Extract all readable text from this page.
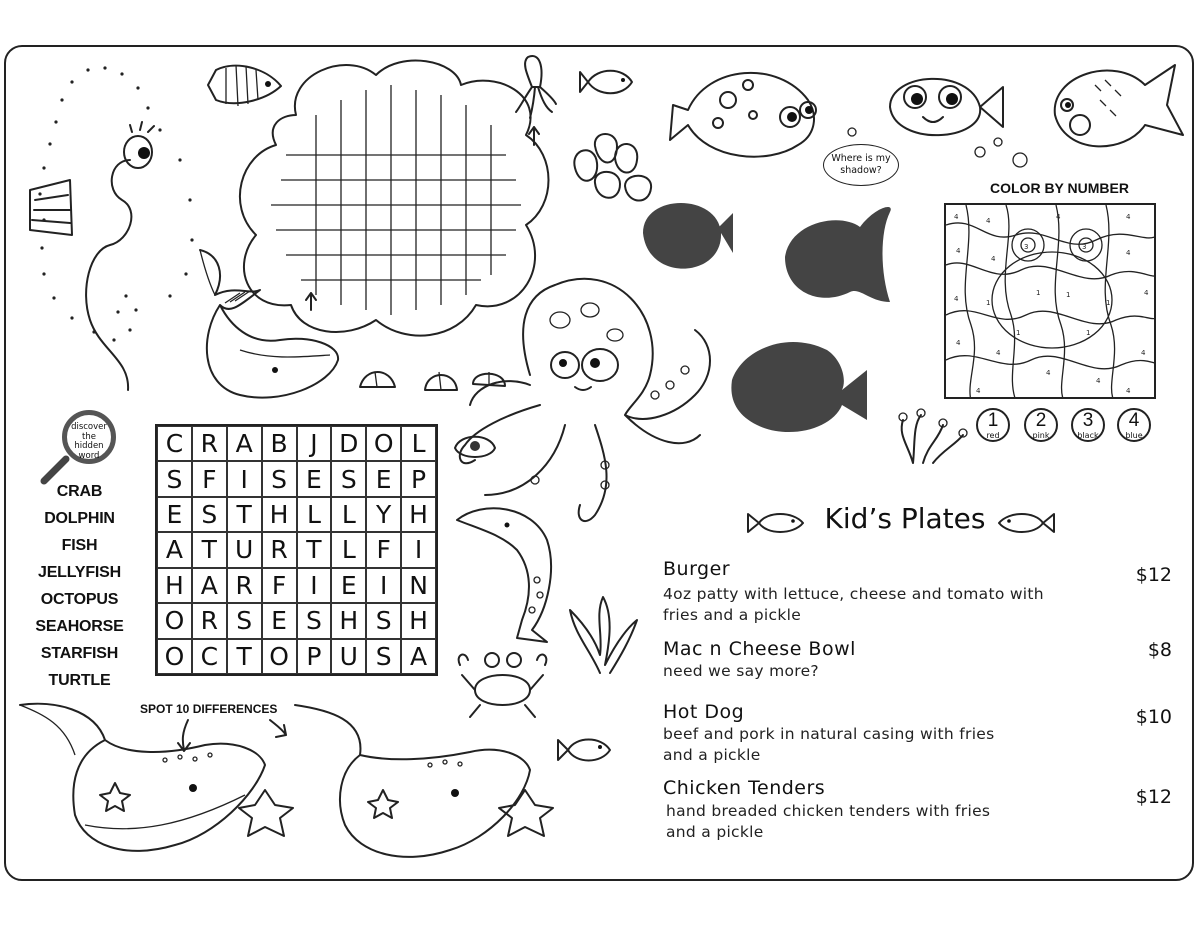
Where is my shadow?
COLOR BY NUMBER
4	4	4	4
4
4
4
4
4	1
1	1
1
3	3
1	1
4
4
4
4
4
4	4
1
red
2
pink
3
black
4
blue
discover the hidden word
CRAB
DOLPHIN
FISH
JELLYFISH
OCTOPUS
SEAHORSE
STARFISH
TURTLE
C R A B J D O L
S F I S E S E P
E S T H L L Y H
A T U R T L F I
H A R F I E I N
O R S E S H S H
O C T O P U S A
SPOT 10 DIFFERENCES
Kid’s Plates
Burger	$12
4oz patty with lettuce, cheese and tomato with
fries and a pickle
Mac n Cheese Bowl	$8
need we say more?
Hot Dog	$10
beef and pork in natural casing with fries
and a pickle
Chicken Tenders	$12
hand breaded chicken tenders with fries
and a pickle
